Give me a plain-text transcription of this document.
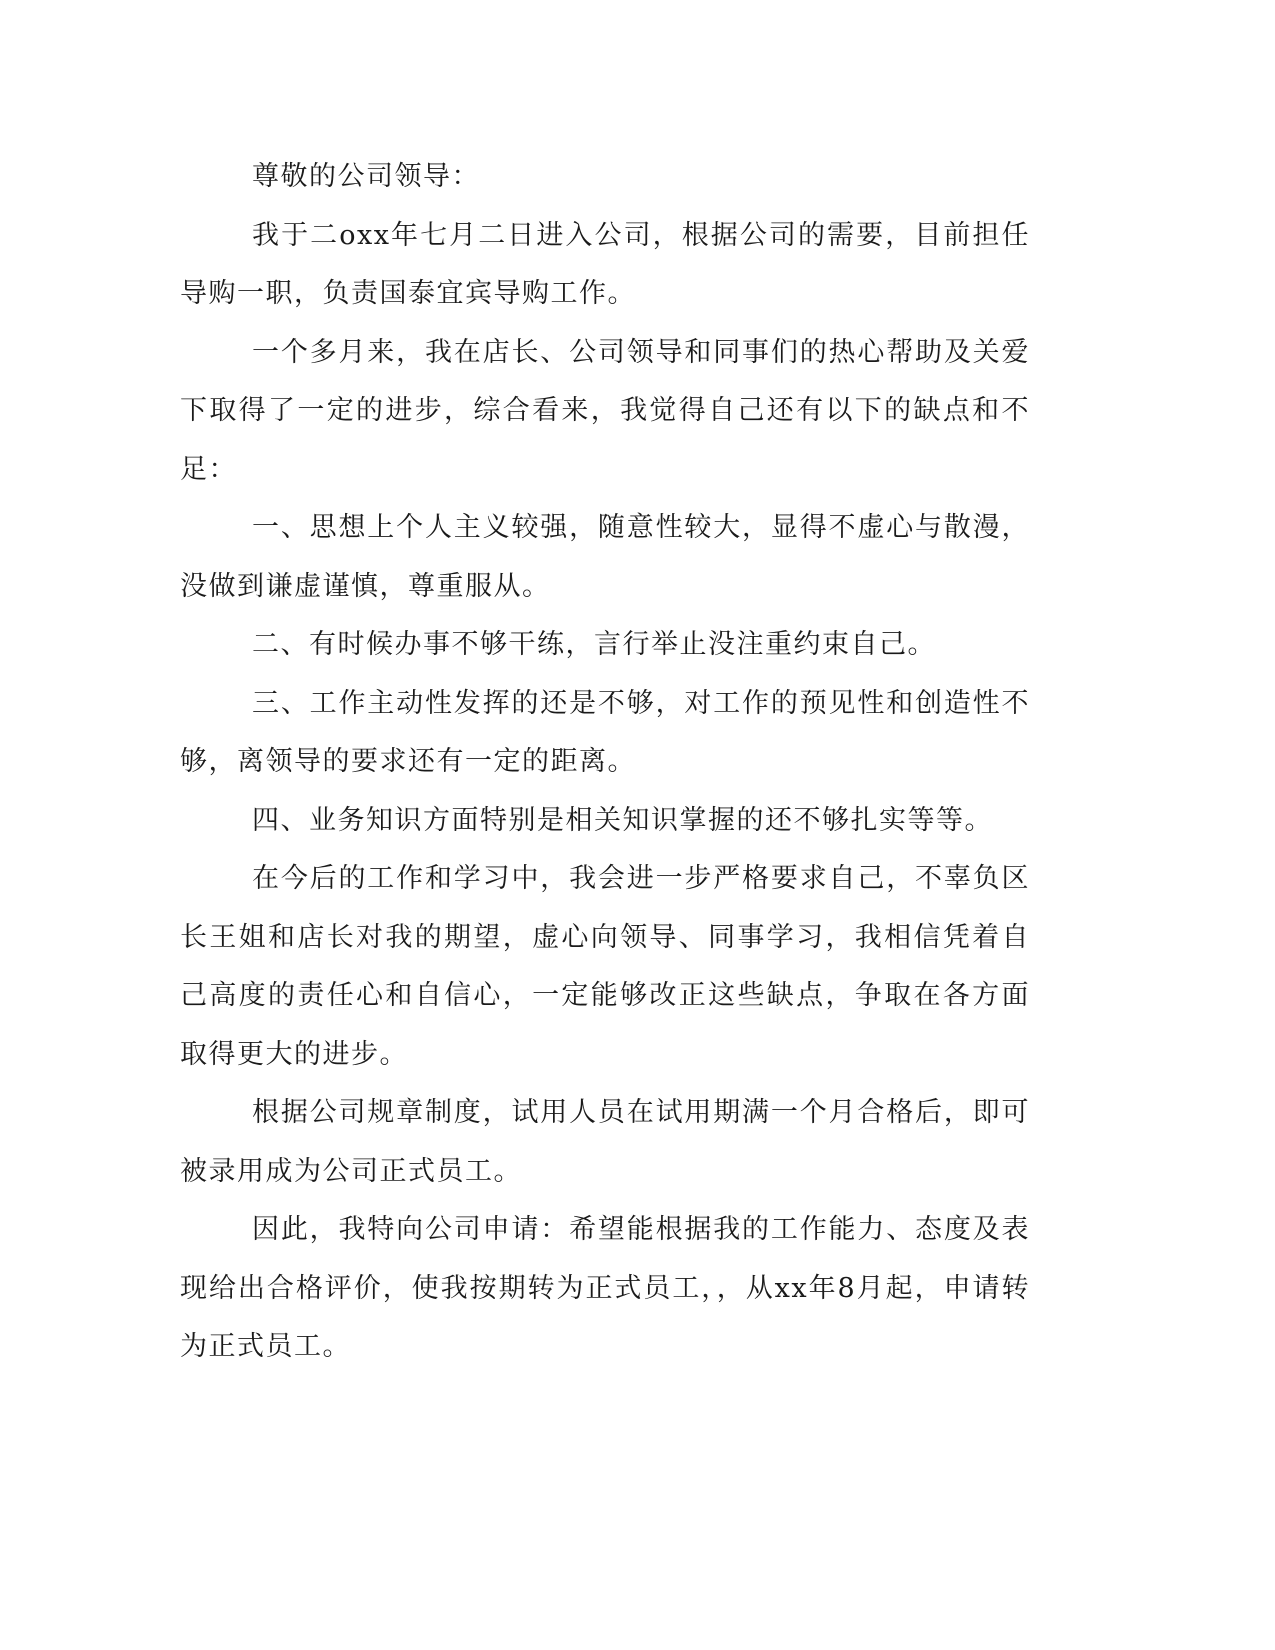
尊敬的公司领导：

我于二oxx年七月二日进入公司，根据公司的需要，目前担任导购一职，负责国泰宜宾导购工作。

一个多月来，我在店长、公司领导和同事们的热心帮助及关爱下取得了一定的进步，综合看来，我觉得自己还有以下的缺点和不足：

一、思想上个人主义较强，随意性较大，显得不虚心与散漫，没做到谦虚谨慎，尊重服从。

二、有时候办事不够干练，言行举止没注重约束自己。

三、工作主动性发挥的还是不够，对工作的预见性和创造性不够，离领导的要求还有一定的距离。

四、业务知识方面特别是相关知识掌握的还不够扎实等等。

在今后的工作和学习中，我会进一步严格要求自己，不辜负区长王姐和店长对我的期望，虚心向领导、同事学习，我相信凭着自己高度的责任心和自信心，一定能够改正这些缺点，争取在各方面取得更大的进步。

根据公司规章制度，试用人员在试用期满一个月合格后，即可被录用成为公司正式员工。

因此，我特向公司申请：希望能根据我的工作能力、态度及表现给出合格评价，使我按期转为正式员工，，从xx年8月起，申请转为正式员工。
